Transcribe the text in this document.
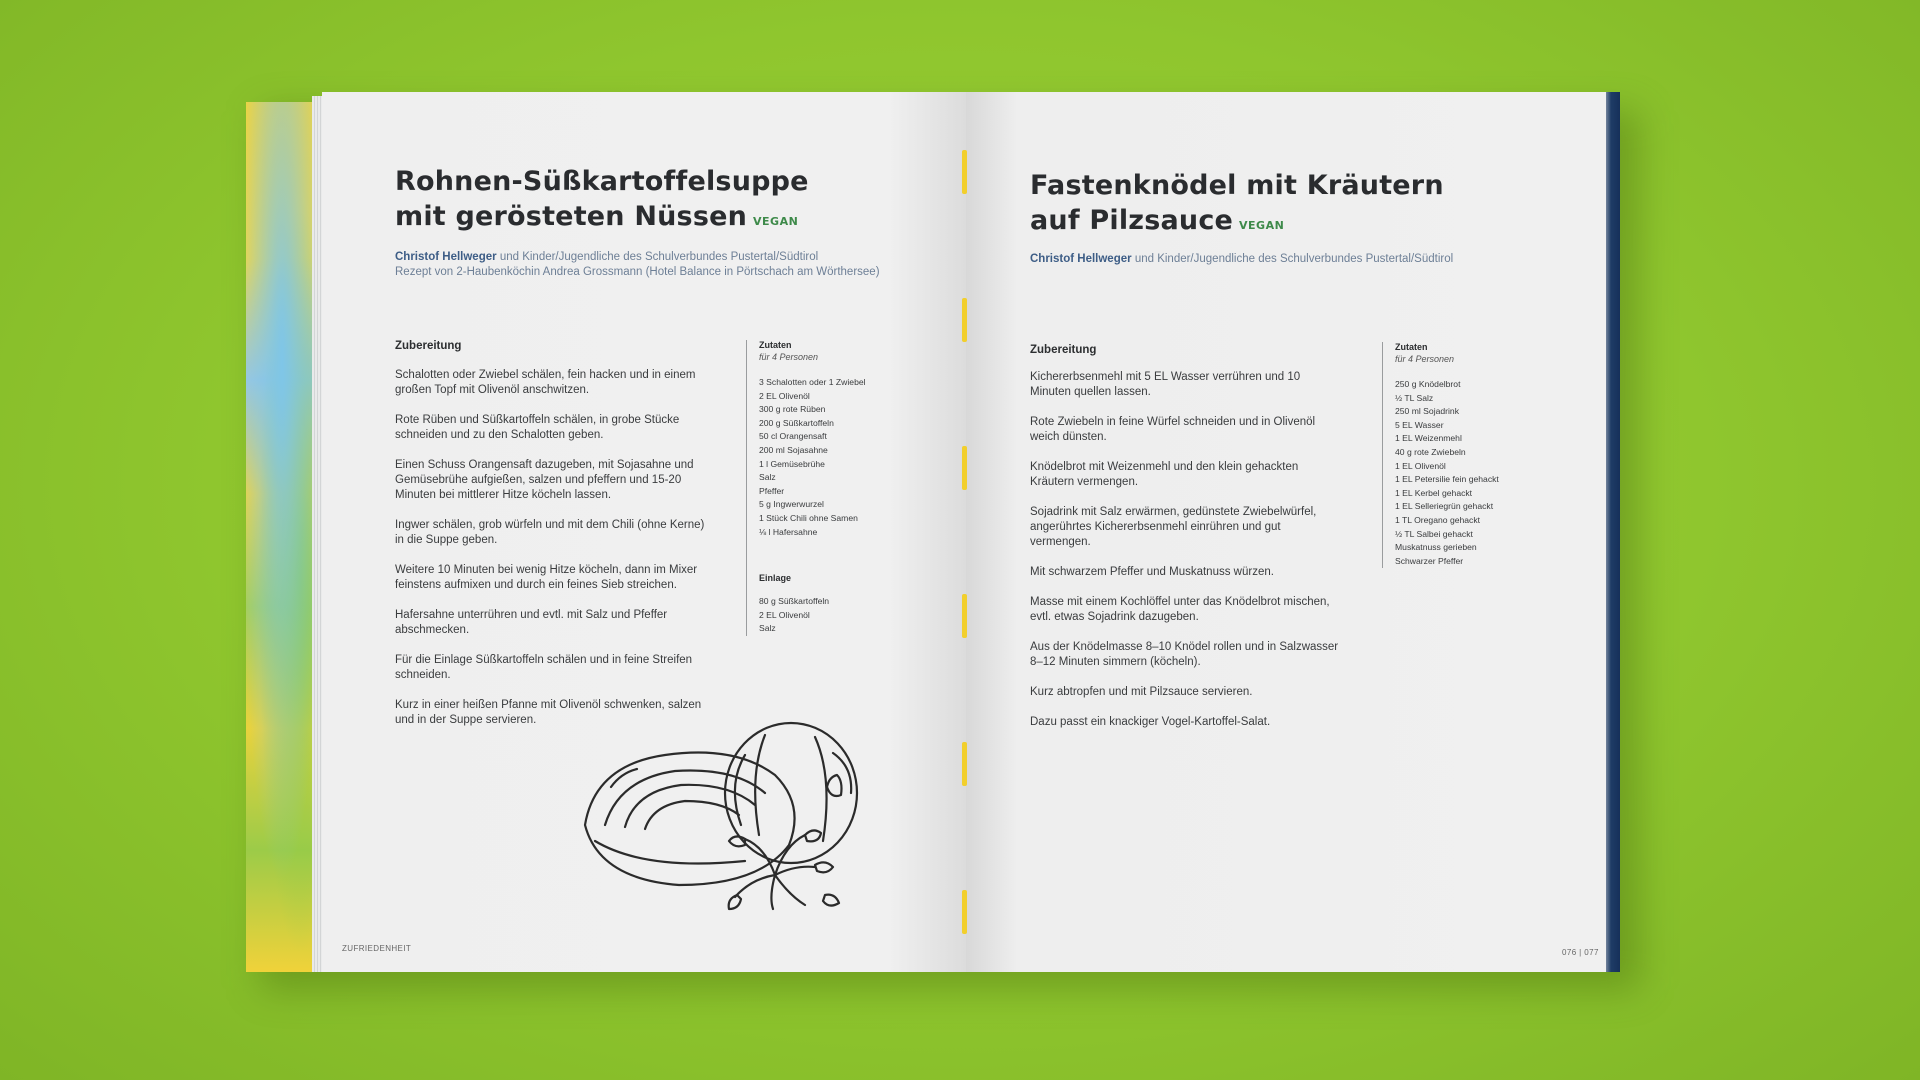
Rohnen-Süßkartoffelsuppe
mit gerösteten Nüssen VEGAN
Christof Hellweger und Kinder/Jugendliche des Schulverbundes Pustertal/Südtirol
Rezept von 2-Haubenköchin Andrea Grossmann (Hotel Balance in Pörtschach am Wörthersee)
Zubereitung

Schalotten oder Zwiebel schälen, fein hacken und in einem großen Topf mit Olivenöl anschwitzen.

Rote Rüben und Süßkartoffeln schälen, in grobe Stücke schneiden und zu den Schalotten geben.

Einen Schuss Orangensaft dazugeben, mit Sojasahne und Gemüsebrühe aufgießen, salzen und pfeffern und 15-20 Minuten bei mittlerer Hitze köcheln lassen.

Ingwer schälen, grob würfeln und mit dem Chili (ohne Kerne) in die Suppe geben.

Weitere 10 Minuten bei wenig Hitze köcheln, dann im Mixer feinstens aufmixen und durch ein feines Sieb streichen.

Hafersahne unterrühren und evtl. mit Salz und Pfeffer abschmecken.

Für die Einlage Süßkartoffeln schälen und in feine Streifen schneiden.

Kurz in einer heißen Pfanne mit Olivenöl schwenken, salzen und in der Suppe servieren.

Zutaten
für 4 Personen
3 Schalotten oder 1 Zwiebel
2 EL Olivenöl
300 g rote Rüben
200 g Süßkartoffeln
50 cl Orangensaft
200 ml Sojasahne
1 l Gemüsebrühe
Salz
Pfeffer
5 g Ingwerwurzel
1 Stück Chili ohne Samen
⅛ l Hafersahne
Einlage
80 g Süßkartoffeln
2 EL Olivenöl
Salz
ZUFRIEDENHEIT
Fastenknödel mit Kräutern
auf Pilzsauce VEGAN
Christof Hellweger und Kinder/Jugendliche des Schulverbundes Pustertal/Südtirol
Zubereitung

Kichererbsenmehl mit 5 EL Wasser verrühren und 10 Minuten quellen lassen.

Rote Zwiebeln in feine Würfel schneiden und in Olivenöl weich dünsten.

Knödelbrot mit Weizenmehl und den klein gehackten Kräutern vermengen.

Sojadrink mit Salz erwärmen, gedünstete Zwiebelwürfel, angerührtes Kichererbsenmehl einrühren und gut vermengen.

Mit schwarzem Pfeffer und Muskatnuss würzen.

Masse mit einem Kochlöffel unter das Knödelbrot mischen, evtl. etwas Sojadrink dazugeben.

Aus der Knödelmasse 8–10 Knödel rollen und in Salzwasser 8–12 Minuten simmern (köcheln).

Kurz abtropfen und mit Pilzsauce servieren.

Dazu passt ein knackiger Vogel-Kartoffel-Salat.

Zutaten
für 4 Personen
250 g Knödelbrot
½ TL Salz
250 ml Sojadrink
5 EL Wasser
1 EL Weizenmehl
40 g rote Zwiebeln
1 EL Olivenöl
1 EL Petersilie fein gehackt
1 EL Kerbel gehackt
1 EL Selleriegrün gehackt
1 TL Oregano gehackt
½ TL Salbei gehackt
Muskatnuss gerieben
Schwarzer Pfeffer
076 | 077
